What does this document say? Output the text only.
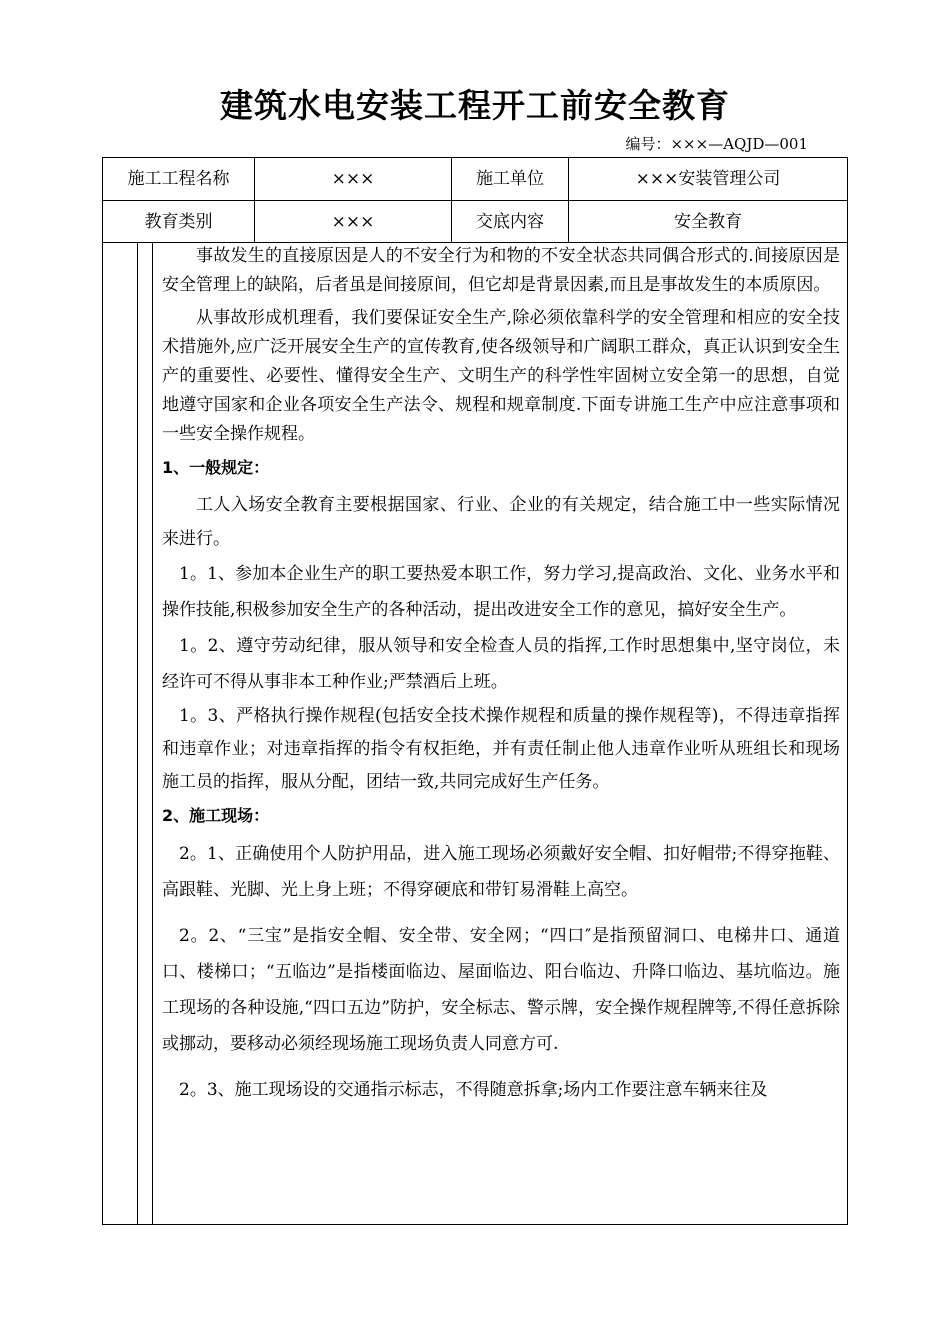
建筑水电安装工程开工前安全教育
编号：×××—AQJD—001
施工工程名称	×××	施工单位	×××安装管理公司
教育类别	×××	交底内容	安全教育

事故发生的直接原因是人的不安全行为和物的不安全状态共同偶合形式的.间接原因是安全管理上的缺陷，后者虽是间接原间，但它却是背景因素,而且是事故发生的本质原因。

从事故形成机理看，我们要保证安全生产,除必须依靠科学的安全管理和相应的安全技术措施外,应广泛开展安全生产的宣传教育,使各级领导和广阔职工群众，真正认识到安全生产的重要性、必要性、懂得安全生产、文明生产的科学性牢固树立安全第一的思想，自觉地遵守国家和企业各项安全生产法令、规程和规章制度.下面专讲施工生产中应注意事项和一些安全操作规程。

1、一般规定：

工人入场安全教育主要根据国家、行业、企业的有关规定，结合施工中一些实际情况来进行。

1。1、参加本企业生产的职工要热爱本职工作，努力学习,提高政治、文化、业务水平和操作技能,积极参加安全生产的各种活动，提出改进安全工作的意见，搞好安全生产。

1。2、遵守劳动纪律，服从领导和安全检查人员的指挥,工作时思想集中,坚守岗位，未经许可不得从事非本工种作业;严禁酒后上班。

1。3、严格执行操作规程(包括安全技术操作规程和质量的操作规程等)，不得违章指挥和违章作业；对违章指挥的指令有权拒绝，并有责任制止他人违章作业听从班组长和现场施工员的指挥，服从分配，团结一致,共同完成好生产任务。

2、施工现场：

2。1、正确使用个人防护用品，进入施工现场必须戴好安全帽、扣好帽带;不得穿拖鞋、高跟鞋、光脚、光上身上班；不得穿硬底和带钉易滑鞋上高空。

2。2、“三宝”是指安全帽、安全带、安全网；“四口″是指预留洞口、电梯井口、通道口、楼梯口；“五临边”是指楼面临边、屋面临边、阳台临边、升降口临边、基坑临边。施工现场的各种设施,“四口五边”防护，安全标志、警示牌，安全操作规程牌等,不得任意拆除或挪动，要移动必须经现场施工现场负责人同意方可.

2。3、施工现场设的交通指示标志，不得随意拆拿;场内工作要注意车辆来往及
